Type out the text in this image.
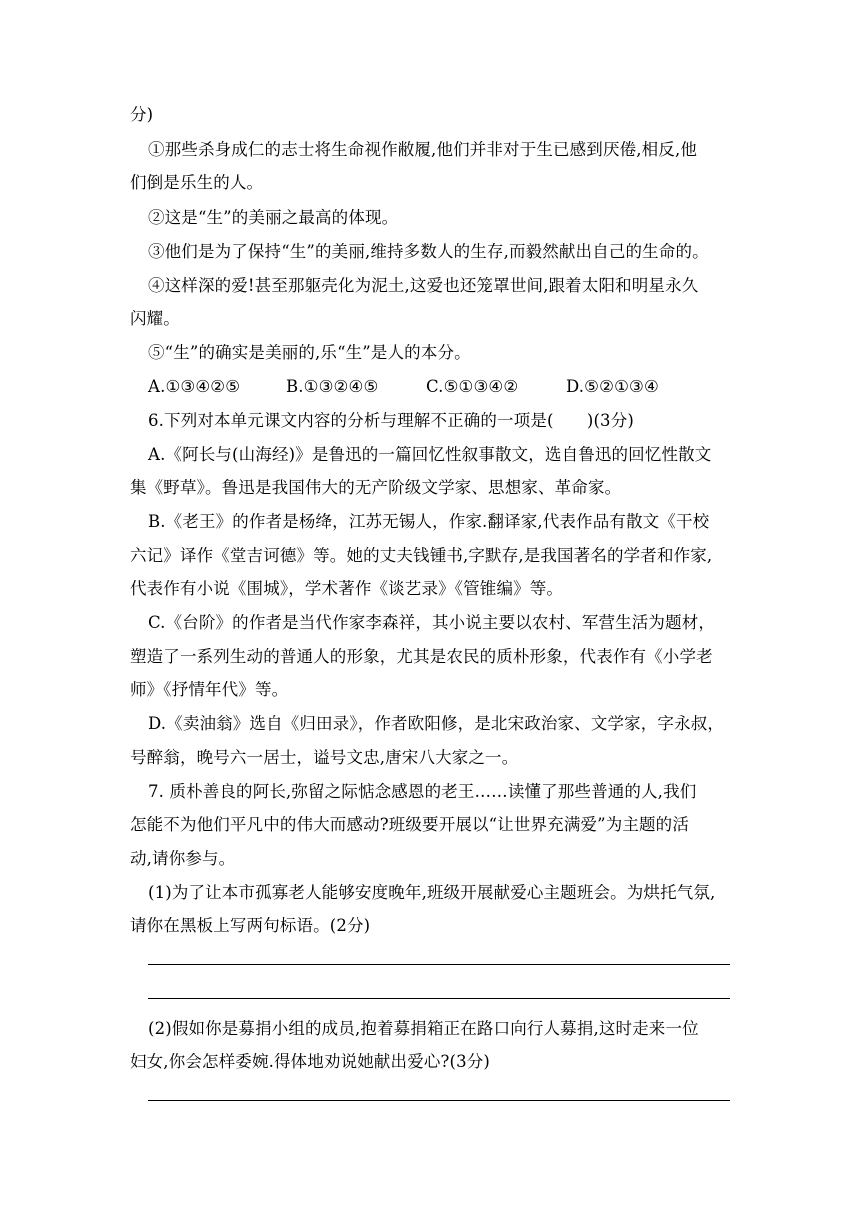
分)
①那些杀身成仁的志士将生命视作敝履,他们并非对于生已感到厌倦,相反,他
们倒是乐生的人。
②这是“生”的美丽之最高的体现。
③他们是为了保持“生”的美丽,维持多数人的生存,而毅然献出自己的生命的。
④这样深的爱!甚至那躯壳化为泥土,这爱也还笼罩世间,跟着太阳和明星永久
闪耀。
⑤“生”的确实是美丽的,乐“生”是人的本分。
A.①③④②⑤	B.①③②④⑤	C.⑤①③④②	D.⑤②①③④
6.下列对本单元课文内容的分析与理解不正确的一项是(　　)(3分)
A.《阿长与(山海经)》是鲁迅的一篇回忆性叙事散文，选自鲁迅的回忆性散文
集《野草》。鲁迅是我国伟大的无产阶级文学家、思想家、革命家。
B.《老王》的作者是杨绛，江苏无锡人，作家.翻译家,代表作品有散文《干校
六记》译作《堂吉诃德》等。她的丈夫钱锺书,字默存,是我国著名的学者和作家,
代表作有小说《围城》，学术著作《谈艺录》《管锥编》等。
C.《台阶》的作者是当代作家李森祥，其小说主要以农村、军营生活为题材，
塑造了一系列生动的普通人的形象，尤其是农民的质朴形象，代表作有《小学老
师》《抒情年代》等。
D.《卖油翁》选自《归田录》，作者欧阳修，是北宋政治家、文学家，字永叔，
号醉翁，晚号六一居士，谥号文忠,唐宋八大家之一。
7. 质朴善良的阿长,弥留之际惦念感恩的老王……读懂了那些普通的人,我们
怎能不为他们平凡中的伟大而感动?班级要开展以“让世界充满爱”为主题的活
动,请你参与。
(1)为了让本市孤寡老人能够安度晚年,班级开展献爱心主题班会。为烘托气氛,
请你在黑板上写两句标语。(2分)
(2)假如你是募捐小组的成员,抱着募捐箱正在路口向行人募捐,这时走来一位
妇女,你会怎样委婉.得体地劝说她献出爱心?(3分)
